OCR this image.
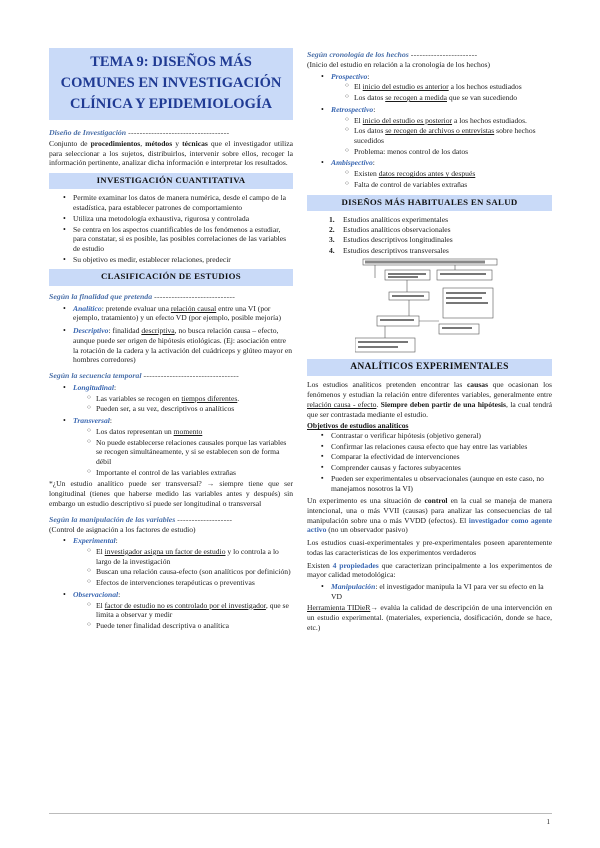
TEMA 9: DISEÑOS MÁS COMUNES EN INVESTIGACIÓN CLÍNICA Y EPIDEMIOLOGÍA
Diseño de Investigación -----------------------------------
Conjunto de procedimientos, métodos y técnicas que el investigador utiliza para seleccionar a los sujetos, distribuirlos, intervenir sobre ellos, recoger la información pertinente, analizar dicha información e interpretar los resultados.
INVESTIGACIÓN CUANTITATIVA
• Permite examinar los datos de manera numérica, desde el campo de la estadística, para establecer patrones de comportamiento
• Utiliza una metodología exhaustiva, rigurosa y controlada
• Se centra en los aspectos cuantificables de los fenómenos a estudiar, para constatar, si es posible, las posibles correlaciones de las variables de estudio
• Su objetivo es medir, establecer relaciones, predecir
CLASIFICACIÓN DE ESTUDIOS
Según la finalidad que pretenda ----------------------------
• Analítico: pretende evaluar una relación causal entre una VI (por ejemplo, tratamiento) y un efecto VD (por ejemplo, posible mejoría)
• Descriptivo: finalidad descriptiva, no busca relación causa – efecto, aunque puede ser origen de hipótesis etiológicas. (Ej: asociación entre la rotación de la cadera y la activación del cuádriceps y glúteo mayor en hombres corredores)
Según la secuencia temporal ---------------------------------
• Longitudinal:
○ Las variables se recogen en tiempos diferentes.
○ Pueden ser, a su vez, descriptivos o analíticos
• Transversal:
○ Los datos representan un momento
○ No puede establecerse relaciones causales porque las variables se recogen simultáneamente, y si se establecen son de forma débil
○ Importante el control de las variables extrañas
*¿Un estudio analítico puede ser transversal? → siempre tiene que ser longitudinal (tienes que haberse medido las variables antes y después) sin embargo un estudio descriptivo sí puede ser longitudinal o transversal
Según la manipulación de las variables -------------------
(Control de asignación a los factores de estudio)
• Experimental:
○ El investigador asigna un factor de estudio y lo controla a lo largo de la investigación
○ Buscan una relación causa-efecto (son analíticos por definición)
○ Efectos de intervenciones terapéuticas o preventivas
• Observacional:
○ El factor de estudio no es controlado por el investigador, que se limita a observar y medir
○ Puede tener finalidad descriptiva o analítica
Según cronología de los hechos -----------------------
(Inicio del estudio en relación a la cronología de los hechos)
• Prospectivo:
○ El inicio del estudio es anterior a los hechos estudiados
○ Los datos se recogen a medida que se van sucediendo
• Retrospectivo:
○ El inicio del estudio es posterior a los hechos estudiados.
○ Los datos se recogen de archivos o entrevistas sobre hechos sucedidos
○ Problema: menos control de los datos
• Ambispectivo:
○ Existen datos recogidos antes y después
○ Falta de control de variables extrañas
DISEÑOS MÁS HABITUALES EN SALUD
1. Estudios analíticos experimentales
2. Estudios analíticos observacionales
3. Estudios descriptivos longitudinales
4. Estudios descriptivos transversales
ANALÍTICOS EXPERIMENTALES
Los estudios analíticos pretenden encontrar las causas que ocasionan los fenómenos y estudian la relación entre diferentes variables, generalmente entre relación causa - efecto. Siempre deben partir de una hipótesis, la cual tendrá que ser contrastada mediante el estudio.
Objetivos de estudios analíticos
▪ Contrastar o verificar hipótesis (objetivo general)
▪ Confirmar las relaciones causa efecto que hay entre las variables
▪ Comparar la efectividad de intervenciones
▪ Comprender causas y factores subyacentes
▪ Pueden ser experimentales u observacionales (aunque en este caso, no manejamos nosotros la VI)
Un experimento es una situación de control en la cual se maneja de manera intencional, una o más VVII (causas) para analizar las consecuencias de tal manipulación sobre una o más VVDD (efectos). El investigador como agente activo (no un observador pasivo)
Los estudios cuasi-experimentales y pre-experimentales poseen aparentemente todas las características de los experimentos verdaderos
Existen 4 propiedades que caracterizan principalmente a los experimentos de mayor calidad metodológica:
• Manipulación: el investigador manipula la VI para ver su efecto en la VD
Herramienta TIDieR→ evalúa la calidad de descripción de una intervención en un estudio experimental. (materiales, experiencia, dosificación, donde se hace, etc.)
1
